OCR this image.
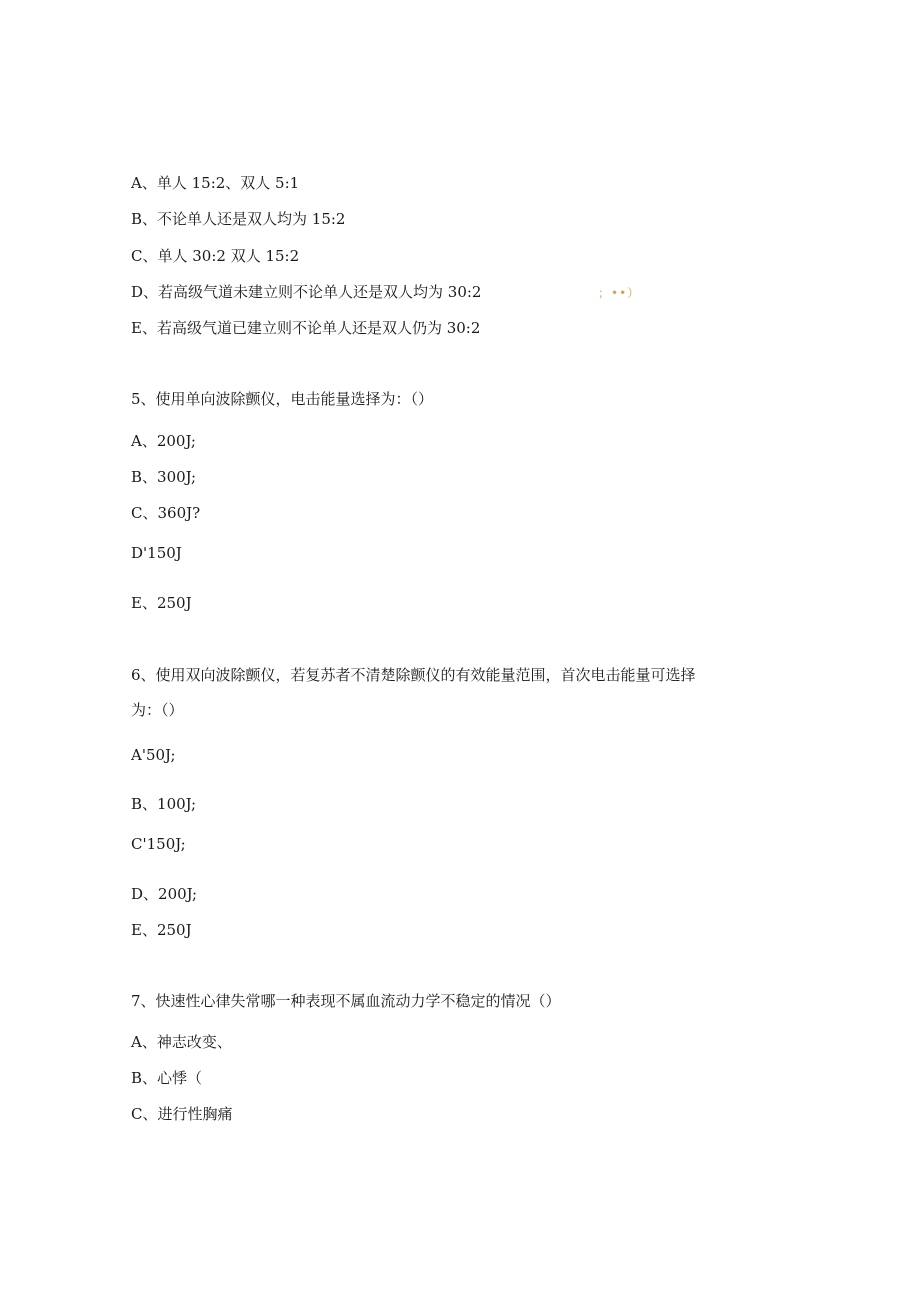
A、单人 15:2、双人 5:1
B、不论单人还是双人均为 15:2
C、单人 30:2 双人 15:2
D、若高级气道未建立则不论单人还是双人均为 30:2	；••）
E、若高级气道已建立则不论单人还是双人仍为 30:2
5、使用单向波除颤仪，电击能量选择为：（）
A、200J;
B、300J;
C、360J?
D'150J
E、250J
6、使用双向波除颤仪，若复苏者不清楚除颤仪的有效能量范围，首次电击能量可选择
为：（）
A'50J;
B、100J;
C'150J;
D、200J;
E、250J
7、快速性心律失常哪一种表现不属血流动力学不稳定的情况（）
A、神志改变、
B、心悸（
C、进行性胸痛
